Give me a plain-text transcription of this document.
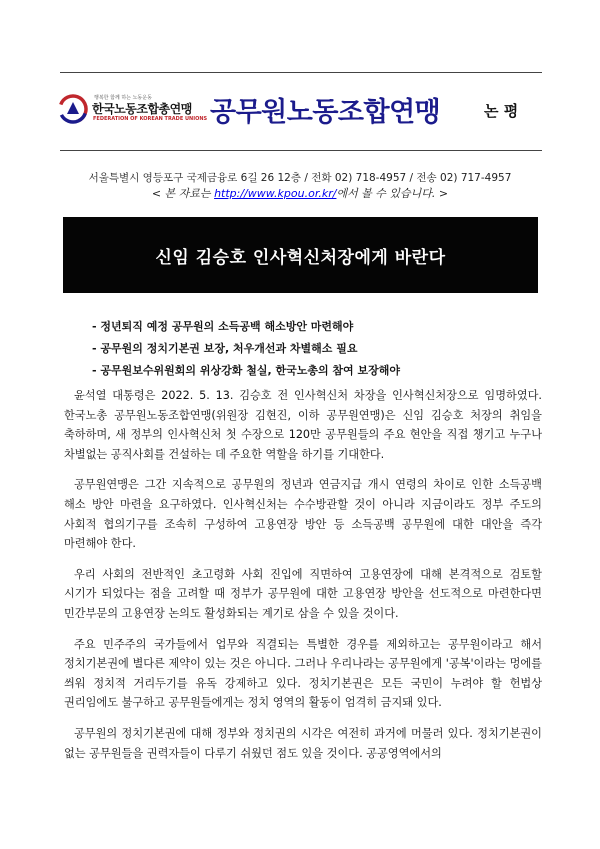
행복한 함께 하는 노동운동
한국노동조합총연맹
FEDERATION OF KOREAN TRADE UNIONS 공무원노동조합연맹	논 평
서울특별시 영등포구 국제금융로 6길 26 12층 / 전화 02) 718-4957 / 전송 02) 717-4957
< 본 자료는 http://www.kpou.or.kr/에서 볼 수 있습니다. >
신임 김승호 인사혁신처장에게 바란다
- 정년퇴직 예정 공무원의 소득공백 해소방안 마련해야
- 공무원의 정치기본권 보장, 처우개선과 차별해소 필요
- 공무원보수위원회의 위상강화 철실, 한국노총의 참여 보장해야

윤석열 대통령은 2022. 5. 13. 김승호 전 인사혁신처 차장을 인사혁신처장으로 임명하였다. 한국노총 공무원노동조합연맹(위원장 김현진, 이하 공무원연맹)은 신임 김승호 처장의 취임을 축하하며, 새 정부의 인사혁신처 첫 수장으로 120만 공무원들의 주요 현안을 직접 챙기고 누구나 차별없는 공직사회를 건설하는 데 주요한 역할을 하기를 기대한다.

공무원연맹은 그간 지속적으로 공무원의 정년과 연금지급 개시 연령의 차이로 인한 소득공백 해소 방안 마련을 요구하였다. 인사혁신처는 수수방관할 것이 아니라 지금이라도 정부 주도의 사회적 협의기구를 조속히 구성하여 고용연장 방안 등 소득공백 공무원에 대한 대안을 즉각 마련해야 한다.

우리 사회의 전반적인 초고령화 사회 진입에 직면하여 고용연장에 대해 본격적으로 검토할 시기가 되었다는 점을 고려할 때 정부가 공무원에 대한 고용연장 방안을 선도적으로 마련한다면 민간부문의 고용연장 논의도 활성화되는 계기로 삼을 수 있을 것이다.

주요 민주주의 국가들에서 업무와 직결되는 특별한 경우를 제외하고는 공무원이라고 해서 정치기본권에 별다른 제약이 있는 것은 아니다. 그러나 우리나라는 공무원에게 '공복'이라는 멍에를 씌워 정치적 거리두기를 유독 강제하고 있다. 정치기본권은 모든 국민이 누려야 할 헌법상 권리임에도 불구하고 공무원들에게는 정치 영역의 활동이 엄격히 금지돼 있다.

공무원의 정치기본권에 대해 정부와 정치권의 시각은 여전히 과거에 머물러 있다. 정치기본권이 없는 공무원들을 권력자들이 다루기 쉬웠던 점도 있을 것이다. 공공영역에서의
